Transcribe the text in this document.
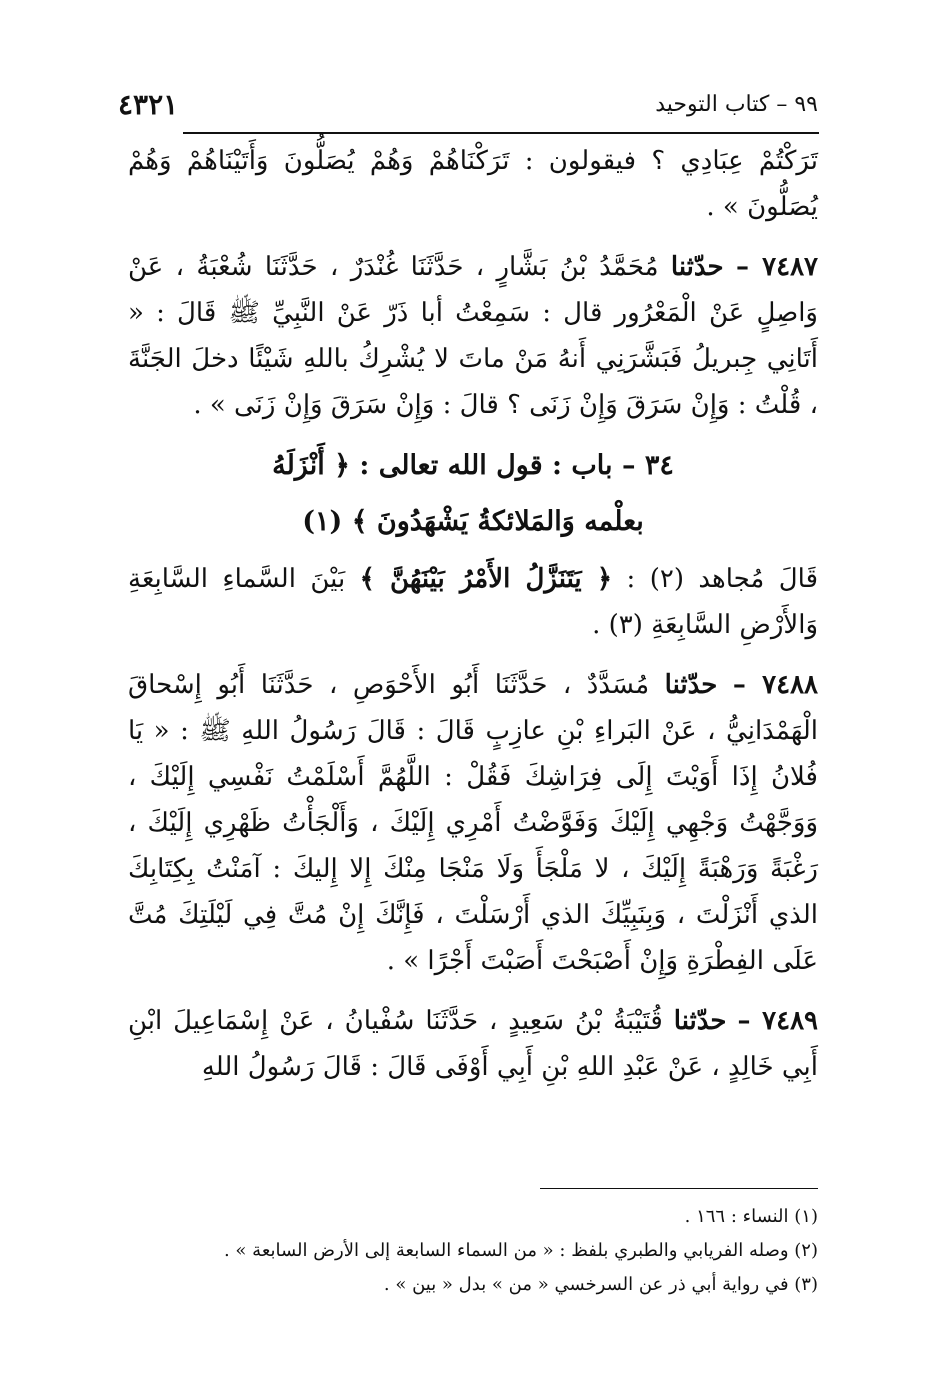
٩٩ – كتاب التوحيد
٤٣٢١

تَرَكْتُمْ عِبَادِي ؟ فيقولون : تَرَكْنَاهُمْ وَهُمْ يُصَلُّونَ وَأَتَيْنَاهُمْ وَهُمْ يُصَلُّونَ » .

٧٤٨٧ – حدّثنا مُحَمَّدُ بْنُ بَشَّارٍ ، حَدَّثَنَا غُنْدَرٌ ، حَدَّثَنَا شُعْبَةُ ، عَنْ وَاصِلٍ عَنْ الْمَعْرُور قال : سَمِعْتُ أبا ذَرّ عَنْ النَّبِيِّ ﷺ قَالَ : « أَتَانِي جِبريلُ فَبَشَّرَنِي أَنهُ مَنْ ماتَ لا يُشْرِكُ باللهِ شَيْئًا دخلَ الجَنَّةَ ، قُلْتُ : وَإِنْ سَرَقَ وَإِنْ زَنَى ؟ قالَ : وَإِنْ سَرَقَ وَإِنْ زَنَى » .

٣٤ – باب : قول الله تعالى : ﴿ أَنْزَلَهُ
بعلْمه وَالمَلائكةُ يَشْهَدُونَ ﴾ (١)

قَالَ مُجاهد (٢) : ﴿ يَتَنَزَّلُ الأَمْرُ بَيْنَهُنَّ ﴾ بَيْنَ السَّماءِ السَّابِعَةِ وَالأَرْضِ السَّابِعَةِ (٣) .

٧٤٨٨ – حدّثنا مُسَدَّدٌ ، حَدَّثَنَا أَبُو الأَحْوَصِ ، حَدَّثَنَا أَبُو إِسْحاقَ الْهَمْدَانِيُّ ، عَنْ البَراءِ بْنِ عازِبٍ قَالَ : قَالَ رَسُولُ اللهِ ﷺ : « يَا فُلانُ إِذَا أَوَيْتَ إِلَى فِرَاشِكَ فَقُلْ : اللَّهُمَّ أَسْلَمْتُ نَفْسِي إِلَيْكَ ، وَوَجَّهْتُ وَجْهِي إِلَيْكَ وَفَوَّضْتُ أَمْرِي إِلَيْكَ ، وَأَلْجَأْتُ ظَهْرِي إِلَيْكَ ، رَغْبَةً وَرَهْبَةً إِلَيْكَ ، لا مَلْجَأَ وَلَا مَنْجَا مِنْكَ إِلا إِليكَ : آمَنْتُ بِكِتَابِكَ الذي أَنْزَلْتَ ، وَبِنَبِيِّكَ الذي أَرْسَلْتَ ، فَإِنَّكَ إِنْ مُتَّ فِي لَيْلَتِكَ مُتَّ عَلَى الفِطْرَةِ وَإِنْ أَصْبَحْتَ أَصَبْتَ أَجْرًا » .

٧٤٨٩ – حدّثنا قُتَيْبَةُ بْنُ سَعِيدٍ ، حَدَّثَنَا سُفْيانُ ، عَنْ إِسْمَاعِيلَ ابْنِ أَبِي خَالِدٍ ، عَنْ عَبْدِ اللهِ بْنِ أَبِي أَوْفَى قَالَ : قَالَ رَسُولُ اللهِ

(١) النساء : ١٦٦ .

(٢) وصله الفريابي والطبري بلفظ : « من السماء السابعة إلى الأرض السابعة » .

(٣) في رواية أبي ذر عن السرخسي « من » بدل « بين » .
